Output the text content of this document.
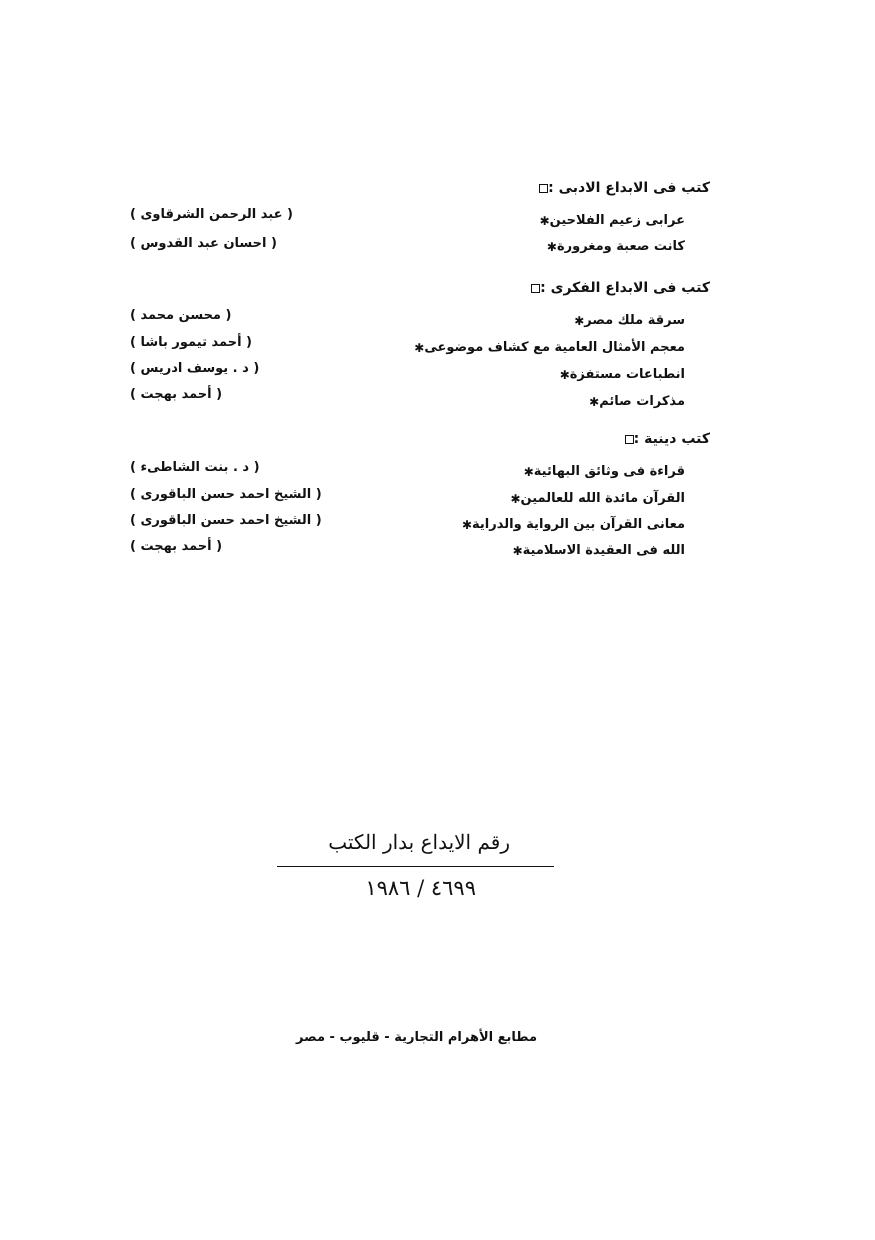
كتب فى الابداع الادبى :
✱ عرابى زعيم الفلاحين
( عبد الرحمن الشرقاوى )
✱ كانت صعبة ومغرورة
( احسان عبد القدوس )
كتب فى الابداع الفكرى :
✱ سرقة ملك مصر
( محسن محمد )
✱ معجم الأمثال العامية مع كشاف موضوعى
( أحمد تيمور باشا )
✱ انطباعات مستفزة
( د . يوسف ادريس )
✱ مذكرات صائم
( أحمد بهجت )
كتب دينية :
✱ قراءة فى وثائق البهائية
( د . بنت الشاطىء )
✱ القرآن مائدة الله للعالمين
( الشيخ احمد حسن الباقورى )
✱ معانى القرآن بين الرواية والدراية
( الشيخ احمد حسن الباقورى )
✱ الله فى العقيدة الاسلامية
( أحمد بهجت )
رقم الايداع بدار الكتب
٤٦٩٩ / ١٩٨٦
مطابع الأهرام التجارية - قليوب - مصر
